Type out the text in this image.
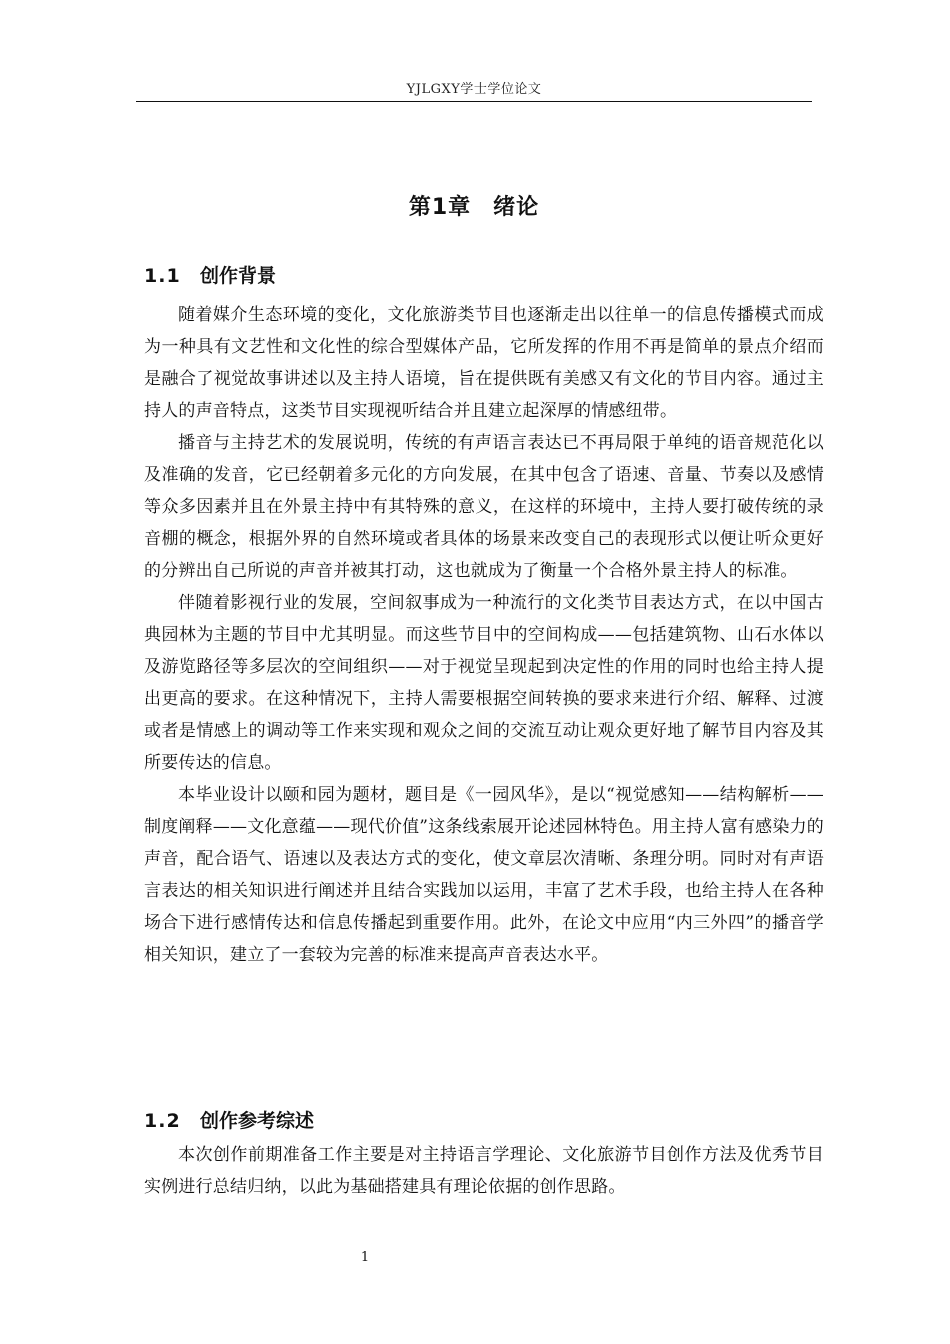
YJLGXY学士学位论文
第1章 绪论
1.1 创作背景

随着媒介生态环境的变化，文化旅游类节目也逐渐走出以往单一的信息传播模式而成为一种具有文艺性和文化性的综合型媒体产品，它所发挥的作用不再是简单的景点介绍而是融合了视觉故事讲述以及主持人语境，旨在提供既有美感又有文化的节目内容。通过主持人的声音特点，这类节目实现视听结合并且建立起深厚的情感纽带。

播音与主持艺术的发展说明，传统的有声语言表达已不再局限于单纯的语音规范化以及准确的发音，它已经朝着多元化的方向发展，在其中包含了语速、音量、节奏以及感情等众多因素并且在外景主持中有其特殊的意义，在这样的环境中，主持人要打破传统的录音棚的概念，根据外界的自然环境或者具体的场景来改变自己的表现形式以便让听众更好的分辨出自己所说的声音并被其打动，这也就成为了衡量一个合格外景主持人的标准。

伴随着影视行业的发展，空间叙事成为一种流行的文化类节目表达方式，在以中国古典园林为主题的节目中尤其明显。而这些节目中的空间构成——包括建筑物、山石水体以及游览路径等多层次的空间组织——对于视觉呈现起到决定性的作用的同时也给主持人提出更高的要求。在这种情况下，主持人需要根据空间转换的要求来进行介绍、解释、过渡或者是情感上的调动等工作来实现和观众之间的交流互动让观众更好地了解节目内容及其所要传达的信息。

本毕业设计以颐和园为题材，题目是《一园风华》，是以“视觉感知——结构解析——制度阐释——文化意蕴——现代价值”这条线索展开论述园林特色。用主持人富有感染力的声音，配合语气、语速以及表达方式的变化，使文章层次清晰、条理分明。同时对有声语言表达的相关知识进行阐述并且结合实践加以运用，丰富了艺术手段，也给主持人在各种场合下进行感情传达和信息传播起到重要作用。此外，在论文中应用“内三外四”的播音学相关知识，建立了一套较为完善的标准来提高声音表达水平。

1.2 创作参考综述

本次创作前期准备工作主要是对主持语言学理论、文化旅游节目创作方法及优秀节目实例进行总结归纳，以此为基础搭建具有理论依据的创作思路。

1
